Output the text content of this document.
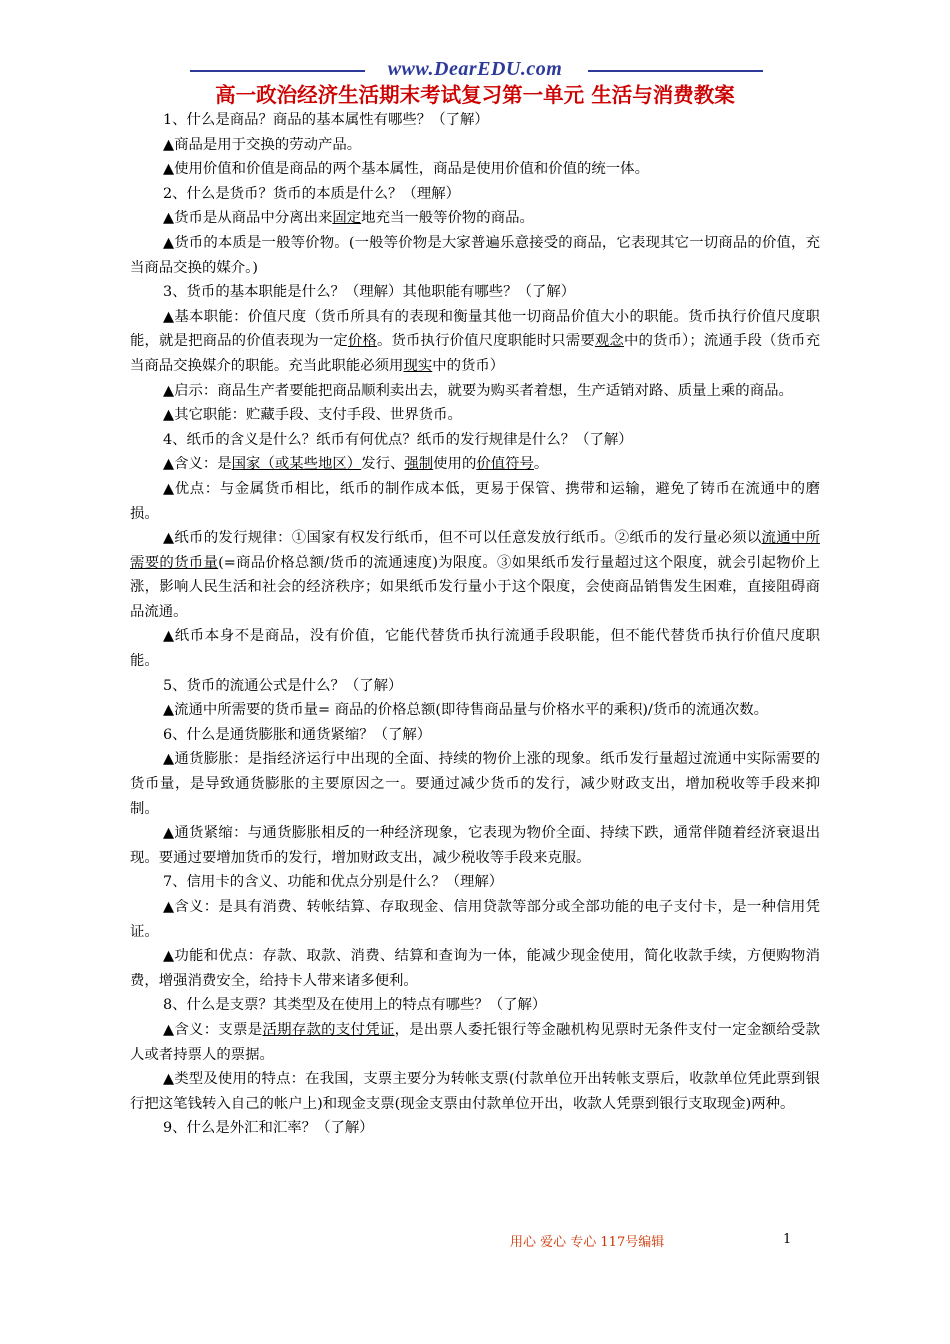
www.DearEDU.com
高一政治经济生活期末考试复习第一单元 生活与消费教案

1、什么是商品？商品的基本属性有哪些？（了解）

▲商品是用于交换的劳动产品。

▲使用价值和价值是商品的两个基本属性，商品是使用价值和价值的统一体。

2、什么是货币？货币的本质是什么？（理解）

▲货币是从商品中分离出来固定地充当一般等价物的商品。

▲货币的本质是一般等价物。(一般等价物是大家普遍乐意接受的商品，它表现其它一切商品的价值，充当商品交换的媒介。)

3、货币的基本职能是什么？（理解）其他职能有哪些？（了解）

▲基本职能：价值尺度（货币所具有的表现和衡量其他一切商品价值大小的职能。货币执行价值尺度职能，就是把商品的价值表现为一定价格。货币执行价值尺度职能时只需要观念中的货币）；流通手段（货币充当商品交换媒介的职能。充当此职能必须用现实中的货币）

▲启示：商品生产者要能把商品顺利卖出去，就要为购买者着想，生产适销对路、质量上乘的商品。

▲其它职能：贮藏手段、支付手段、世界货币。

4、纸币的含义是什么？纸币有何优点？纸币的发行规律是什么？（了解）

▲含义：是国家（或某些地区）发行、强制使用的价值符号。

▲优点：与金属货币相比，纸币的制作成本低，更易于保管、携带和运输，避免了铸币在流通中的磨损。

▲纸币的发行规律：①国家有权发行纸币，但不可以任意发放行纸币。②纸币的发行量必须以流通中所需要的货币量(=商品价格总额/货币的流通速度)为限度。③如果纸币发行量超过这个限度，就会引起物价上涨，影响人民生活和社会的经济秩序；如果纸币发行量小于这个限度，会使商品销售发生困难，直接阻碍商品流通。

▲纸币本身不是商品，没有价值，它能代替货币执行流通手段职能，但不能代替货币执行价值尺度职能。

5、货币的流通公式是什么？（了解）

▲流通中所需要的货币量= 商品的价格总额(即待售商品量与价格水平的乘积)/货币的流通次数。

6、什么是通货膨胀和通货紧缩？（了解）

▲通货膨胀：是指经济运行中出现的全面、持续的物价上涨的现象。纸币发行量超过流通中实际需要的货币量，是导致通货膨胀的主要原因之一。要通过减少货币的发行，减少财政支出，增加税收等手段来抑制。

▲通货紧缩：与通货膨胀相反的一种经济现象，它表现为物价全面、持续下跌，通常伴随着经济衰退出现。要通过要增加货币的发行，增加财政支出，减少税收等手段来克服。

7、信用卡的含义、功能和优点分别是什么？（理解）

▲含义：是具有消费、转帐结算、存取现金、信用贷款等部分或全部功能的电子支付卡，是一种信用凭证。

▲功能和优点：存款、取款、消费、结算和查询为一体，能减少现金使用，简化收款手续，方便购物消费，增强消费安全，给持卡人带来诸多便利。

8、什么是支票？其类型及在使用上的特点有哪些？（了解）

▲含义：支票是活期存款的支付凭证，是出票人委托银行等金融机构见票时无条件支付一定金额给受款人或者持票人的票据。

▲类型及使用的特点：在我国，支票主要分为转帐支票(付款单位开出转帐支票后，收款单位凭此票到银行把这笔钱转入自己的帐户上)和现金支票(现金支票由付款单位开出，收款人凭票到银行支取现金)两种。

9、什么是外汇和汇率？（了解）

用心 爱心 专心 117号编辑	1
